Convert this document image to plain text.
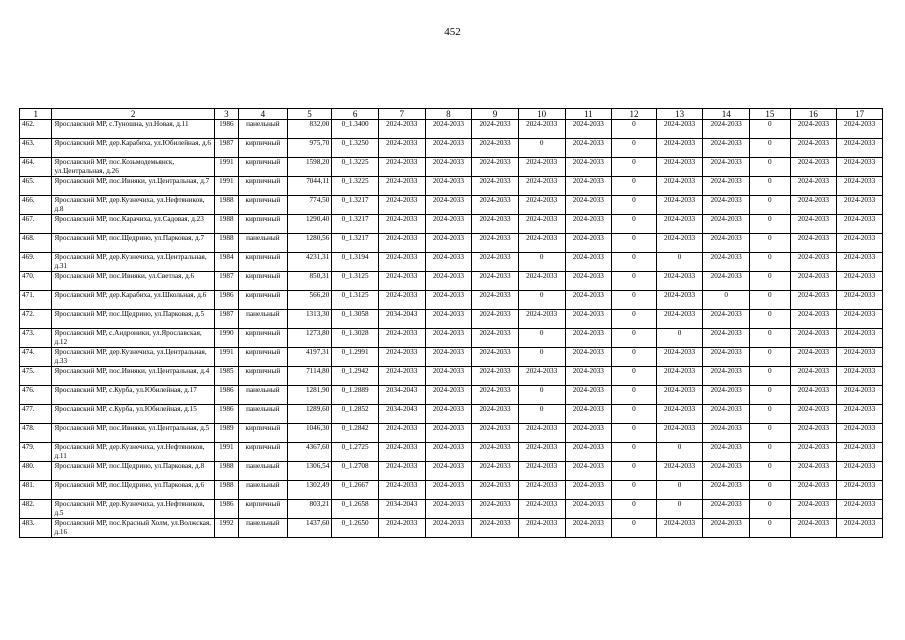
452
1	2	3	4	5	6	7	8	9	10	11	12	13	14	15	16	17
462.	Ярославский МР, с.Туношна, ул.Новая, д.11	1986	панельный	832,00	0_1.3400	2024-2033	2024-2033	2024-2033	2024-2033	2024-2033	0	2024-2033	2024-2033	0	2024-2033	2024-2033
463.	Ярославский МР, дер.Карабиха, ул.Юбилейная, д.6	1987	кирпичный	975,70	0_1.3250	2024-2033	2024-2033	2024-2033	0	2024-2033	0	2024-2033	2024-2033	0	2024-2033	2024-2033
464.	Ярославский МР, пос.Козьмодемьянск, ул.Центральная, д.26	1991	кирпичный	1598,20	0_1.3225	2024-2033	2024-2033	2024-2033	2024-2033	2024-2033	0	2024-2033	2024-2033	0	2024-2033	2024-2033
465.	Ярославский МР, пос.Ивняки, ул.Центральная, д.7	1991	кирпичный	7044,11	0_1.3225	2024-2033	2024-2033	2024-2033	2024-2033	2024-2033	0	2024-2033	2024-2033	0	2024-2033	2024-2033
466.	Ярославский МР, дер.Кузнечиха, ул.Нефтяников, д.8	1988	кирпичный	774,50	0_1.3217	2024-2033	2024-2033	2024-2033	2024-2033	2024-2033	0	2024-2033	2024-2033	0	2024-2033	2024-2033
467.	Ярославский МР, пос.Карачиха, ул.Садовая, д.23	1988	кирпичный	1290,40	0_1.3217	2024-2033	2024-2033	2024-2033	2024-2033	2024-2033	0	2024-2033	2024-2033	0	2024-2033	2024-2033
468.	Ярославский МР, пос.Щедрино, ул.Парковая, д.7	1988	панельный	1280,56	0_1.3217	2024-2033	2024-2033	2024-2033	2024-2033	2024-2033	0	2024-2033	2024-2033	0	2024-2033	2024-2033
469.	Ярославский МР, дер.Кузнечиха, ул.Центральная, д.31	1984	кирпичный	4231,31	0_1.3194	2024-2033	2024-2033	2024-2033	0	2024-2033	0	0	2024-2033	0	2024-2033	2024-2033
470.	Ярославский МР, пос.Ивняки, ул.Светлая, д.6	1987	кирпичный	850,31	0_1.3125	2024-2033	2024-2033	2024-2033	2024-2033	2024-2033	0	2024-2033	2024-2033	0	2024-2033	2024-2033
471.	Ярославский МР, дер.Карабиха, ул.Школьная, д.6	1986	кирпичный	566,20	0_1.3125	2024-2033	2024-2033	2024-2033	0	2024-2033	0	2024-2033	0	0	2024-2033	2024-2033
472.	Ярославский МР, пос.Щедрино, ул.Парковая, д.5	1987	панельный	1313,30	0_1.3058	2034-2043	2024-2033	2024-2033	2024-2033	2024-2033	0	2024-2033	2024-2033	0	2024-2033	2024-2033
473.	Ярославский МР, с.Андроники, ул.Ярославская, д.12	1990	кирпичный	1273,80	0_1.3028	2024-2033	2024-2033	2024-2033	0	2024-2033	0	0	2024-2033	0	2024-2033	2024-2033
474.	Ярославский МР, дер.Кузнечиха, ул.Центральная, д.33	1991	кирпичный	4197,31	0_1.2991	2024-2033	2024-2033	2024-2033	0	2024-2033	0	2024-2033	2024-2033	0	2024-2033	2024-2033
475.	Ярославский МР, пос.Ивняки, ул.Центральная, д.4	1985	кирпичный	7114,80	0_1.2942	2024-2033	2024-2033	2024-2033	2024-2033	2024-2033	0	2024-2033	2024-2033	0	2024-2033	2024-2033
476.	Ярославский МР, с.Курба, ул.Юбилейная, д.17	1986	панельный	1281,90	0_1.2889	2034-2043	2024-2033	2024-2033	0	2024-2033	0	2024-2033	2024-2033	0	2024-2033	2024-2033
477.	Ярославский МР, с.Курба, ул.Юбилейная, д.15	1986	панельный	1289,60	0_1.2852	2034-2043	2024-2033	2024-2033	0	2024-2033	0	2024-2033	2024-2033	0	2024-2033	2024-2033
478.	Ярославский МР, пос.Ивняки, ул.Центральная, д.5	1989	кирпичный	1046,30	0_1.2842	2024-2033	2024-2033	2024-2033	2024-2033	2024-2033	0	2024-2033	2024-2033	0	2024-2033	2024-2033
479.	Ярославский МР, дер.Кузнечиха, ул.Нефтяников, д.11	1991	кирпичный	4367,60	0_1.2725	2024-2033	2024-2033	2024-2033	2024-2033	2024-2033	0	0	2024-2033	0	2024-2033	2024-2033
480.	Ярославский МР, пос.Щедрино, ул.Парковая, д.8	1988	панельный	1306,54	0_1.2708	2024-2033	2024-2033	2024-2033	2024-2033	2024-2033	0	2024-2033	2024-2033	0	2024-2033	2024-2033
481.	Ярославский МР, пос.Щедрино, ул.Парковая, д.6	1988	панельный	1302,49	0_1.2667	2024-2033	2024-2033	2024-2033	2024-2033	2024-2033	0	0	2024-2033	0	2024-2033	2024-2033
482.	Ярославский МР, дер.Кузнечиха, ул.Нефтяников, д.5	1986	кирпичный	803,21	0_1.2658	2034-2043	2024-2033	2024-2033	2024-2033	2024-2033	0	0	2024-2033	0	2024-2033	2024-2033
483.	Ярославский МР, пос.Красный Холм, ул.Волжская, д.16	1992	панельный	1437,60	0_1.2650	2024-2033	2024-2033	2024-2033	2024-2033	2024-2033	0	2024-2033	2024-2033	0	2024-2033	2024-2033
